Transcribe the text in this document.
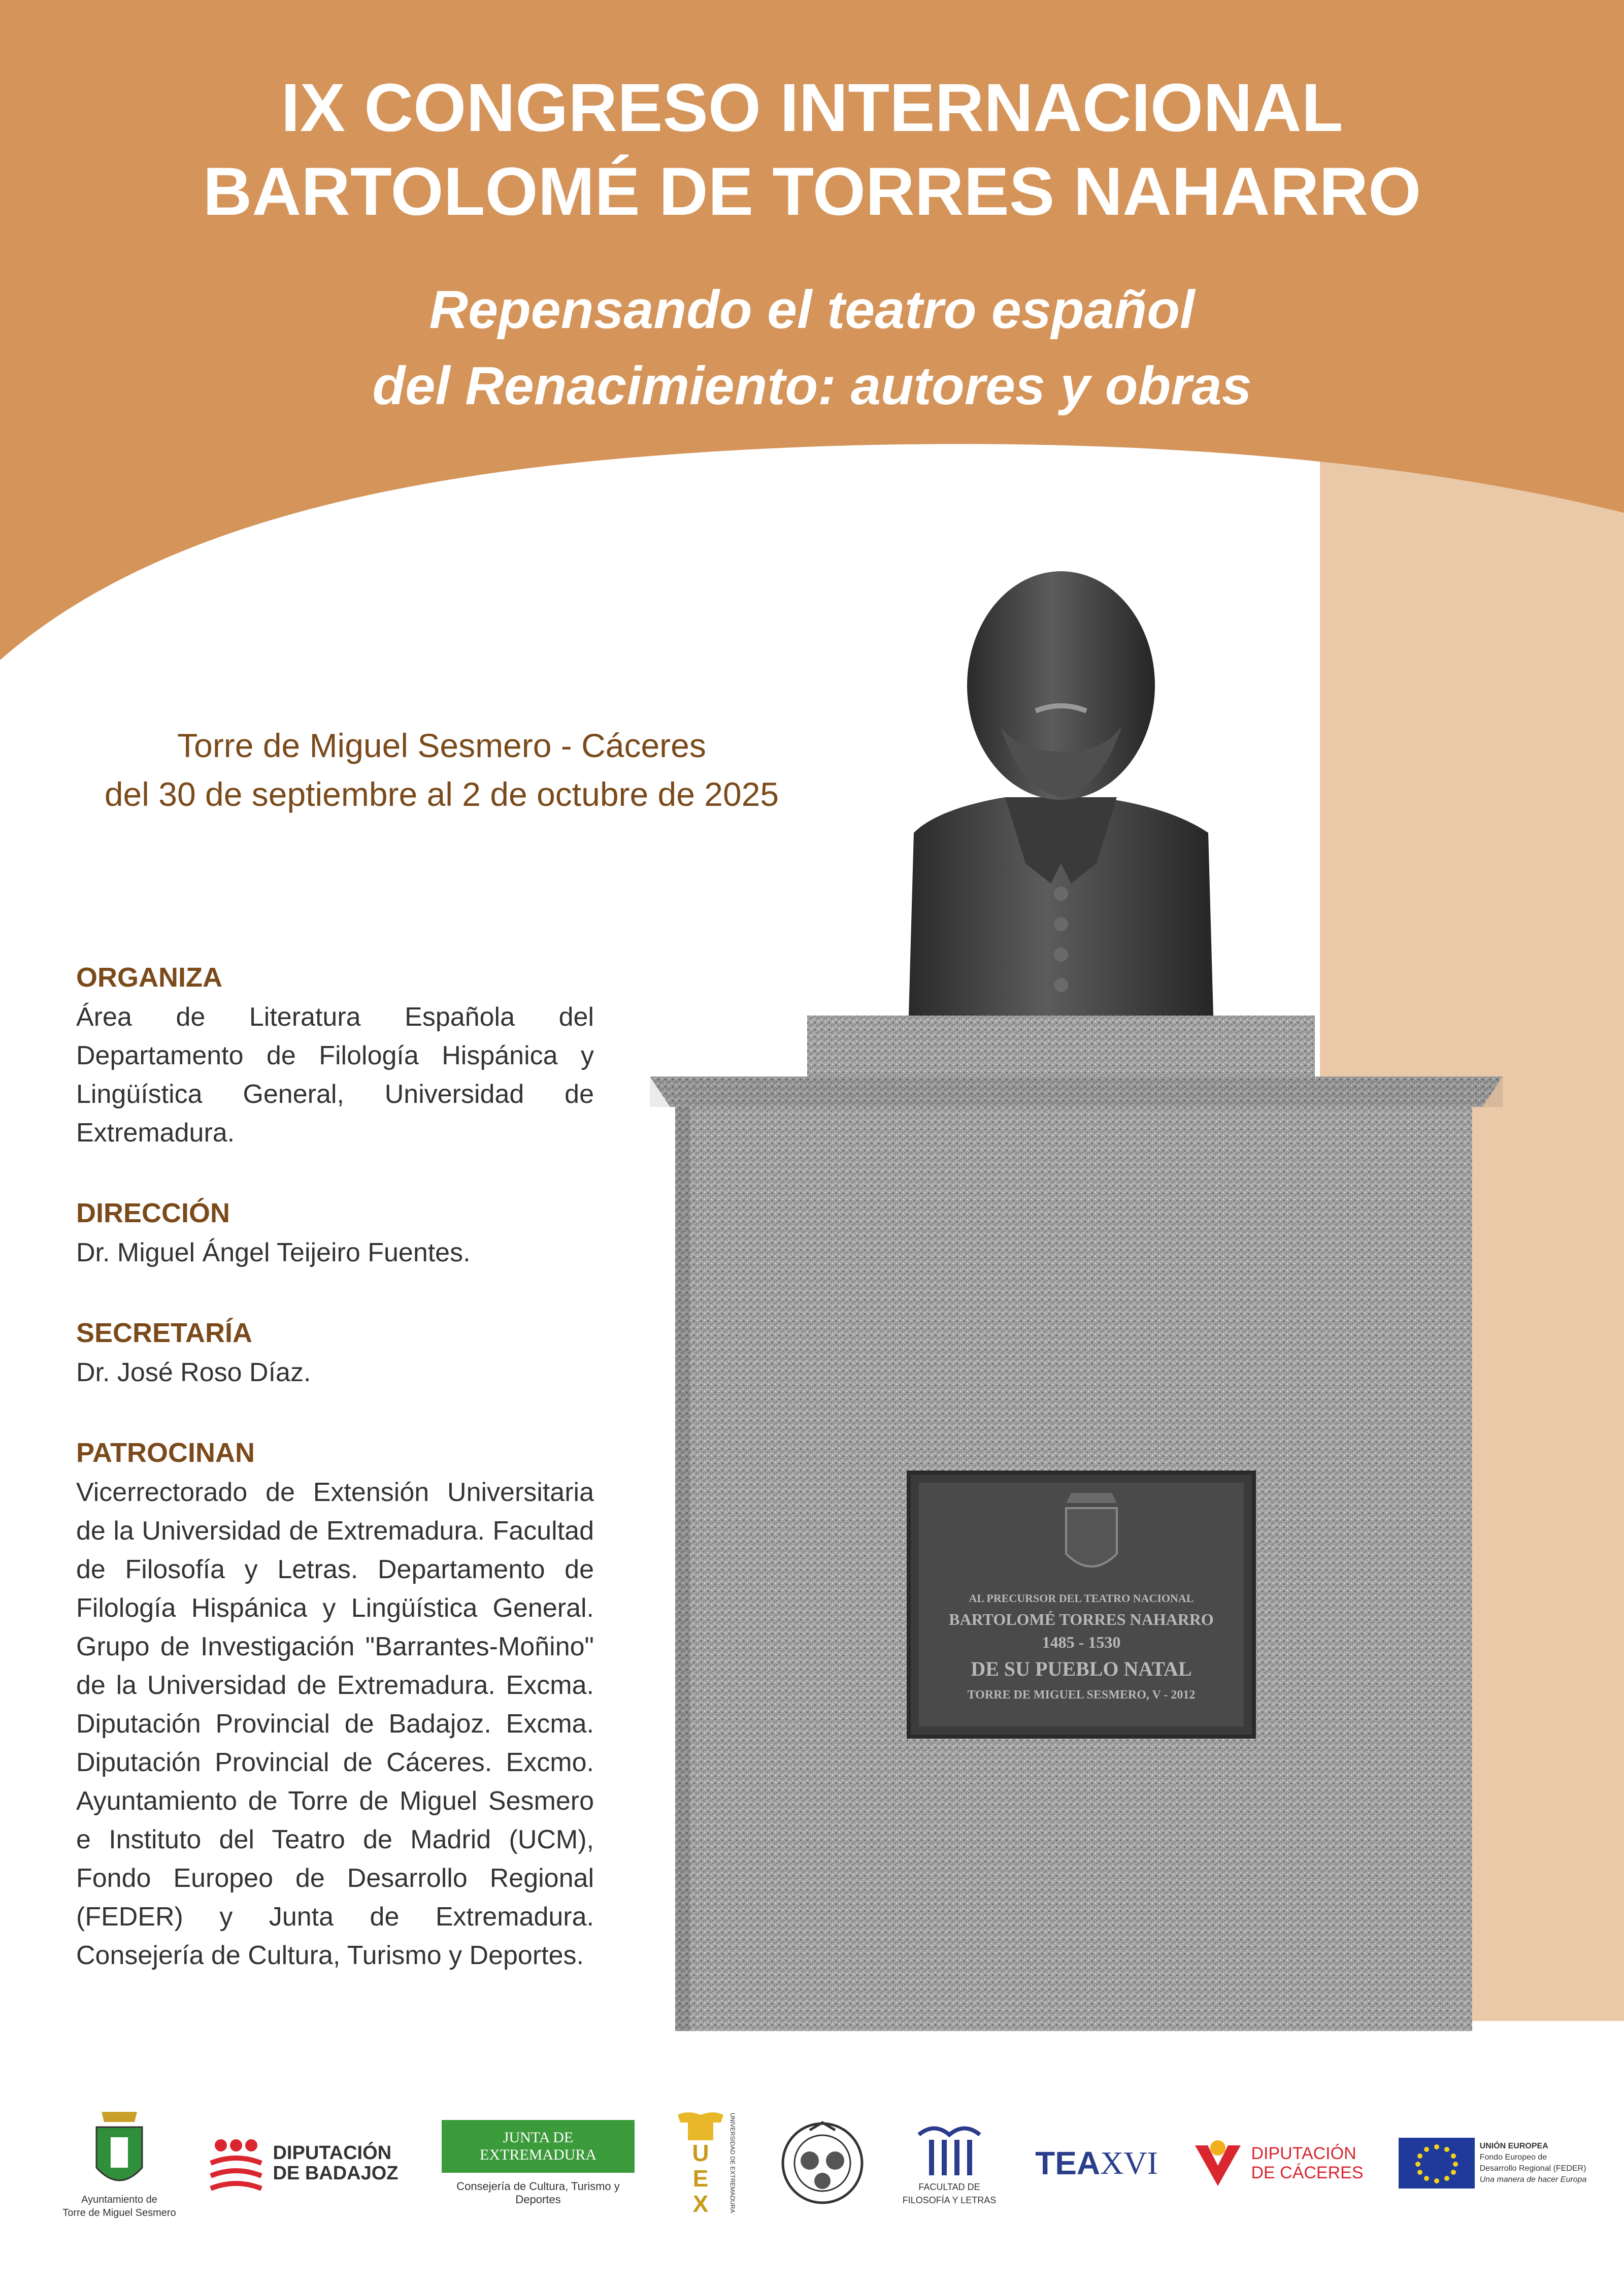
IX CONGRESO INTERNACIONAL
BARTOLOMÉ DE TORRES NAHARRO
Repensando el teatro español
del Renacimiento: autores y obras
Torre de Miguel Sesmero - Cáceres
del 30 de septiembre al 2 de octubre de 2025

ORGANIZA

Área de Literatura Española del Departamento de Filología Hispánica y Lingüística General, Universidad de Extremadura.

DIRECCIÓN

Dr. Miguel Ángel Teijeiro Fuentes.

SECRETARÍA

Dr. José Roso Díaz.

PATROCINAN

Vicerrectorado de Extensión Universitaria de la Universidad de Extremadura. Facultad de Filosofía y Letras. Departamento de Filología Hispánica y Lingüística General. Grupo de Investigación "Barrantes-Moñino" de la Universidad de Extremadura. Excma. Diputación Provincial de Badajoz. Excma. Diputación Provincial de Cáceres. Excmo. Ayuntamiento de Torre de Miguel Sesmero e Instituto del Teatro de Madrid (UCM), Fondo Europeo de Desarrollo Regional (FEDER) y Junta de Extremadura. Consejería de Cultura, Turismo y Deportes.

AL PRECURSOR DEL TEATRO NACIONAL
BARTOLOMÉ TORRES NAHARRO
1485 - 1530
DE SU PUEBLO NATAL
TORRE DE MIGUEL SESMERO, V - 2012
Ayuntamiento de
Torre de Miguel Sesmero
DIPUTACIÓN
DE BADAJOZ
JUNTA DE EXTREMADURA
Consejería de Cultura, Turismo y Deportes
UEX	UNIVERSIDAD DE EXTREMADURA	FACULTAD DE
FILOSOFÍA Y LETRAS
TEA XVI	DIPUTACIÓN
DE CÁCERES
UNIÓN EUROPEA
Fondo Europeo de
Desarrollo Regional (FEDER)
Una manera de hacer Europa
